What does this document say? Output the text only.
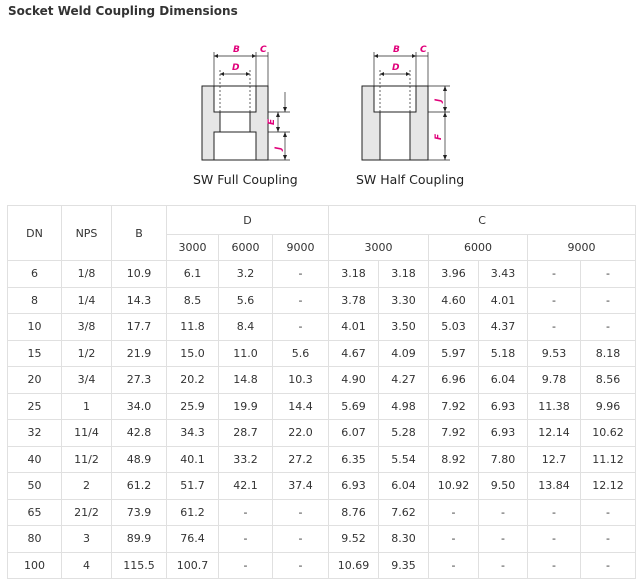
Socket Weld Coupling Dimensions
B C
D
E
J
SW Full Coupling
B C
D
J
F
SW Half Coupling
DN	NPS	B	D			C					
			3000	6000	9000	3000		6000		9000	
6	1/8	10.9	6.1	3.2	-	3.18	3.18	3.96	3.43	-	-
8	1/4	14.3	8.5	5.6	-	3.78	3.30	4.60	4.01	-	-
10	3/8	17.7	11.8	8.4	-	4.01	3.50	5.03	4.37	-	-
15	1/2	21.9	15.0	11.0	5.6	4.67	4.09	5.97	5.18	9.53	8.18
20	3/4	27.3	20.2	14.8	10.3	4.90	4.27	6.96	6.04	9.78	8.56
25	1	34.0	25.9	19.9	14.4	5.69	4.98	7.92	6.93	11.38	9.96
32	11/4	42.8	34.3	28.7	22.0	6.07	5.28	7.92	6.93	12.14	10.62
40	11/2	48.9	40.1	33.2	27.2	6.35	5.54	8.92	7.80	12.7	11.12
50	2	61.2	51.7	42.1	37.4	6.93	6.04	10.92	9.50	13.84	12.12
65	21/2	73.9	61.2	-	-	8.76	7.62	-	-	-	-
80	3	89.9	76.4	-	-	9.52	8.30	-	-	-	-
100	4	115.5	100.7	-	-	10.69	9.35	-	-	-	-
